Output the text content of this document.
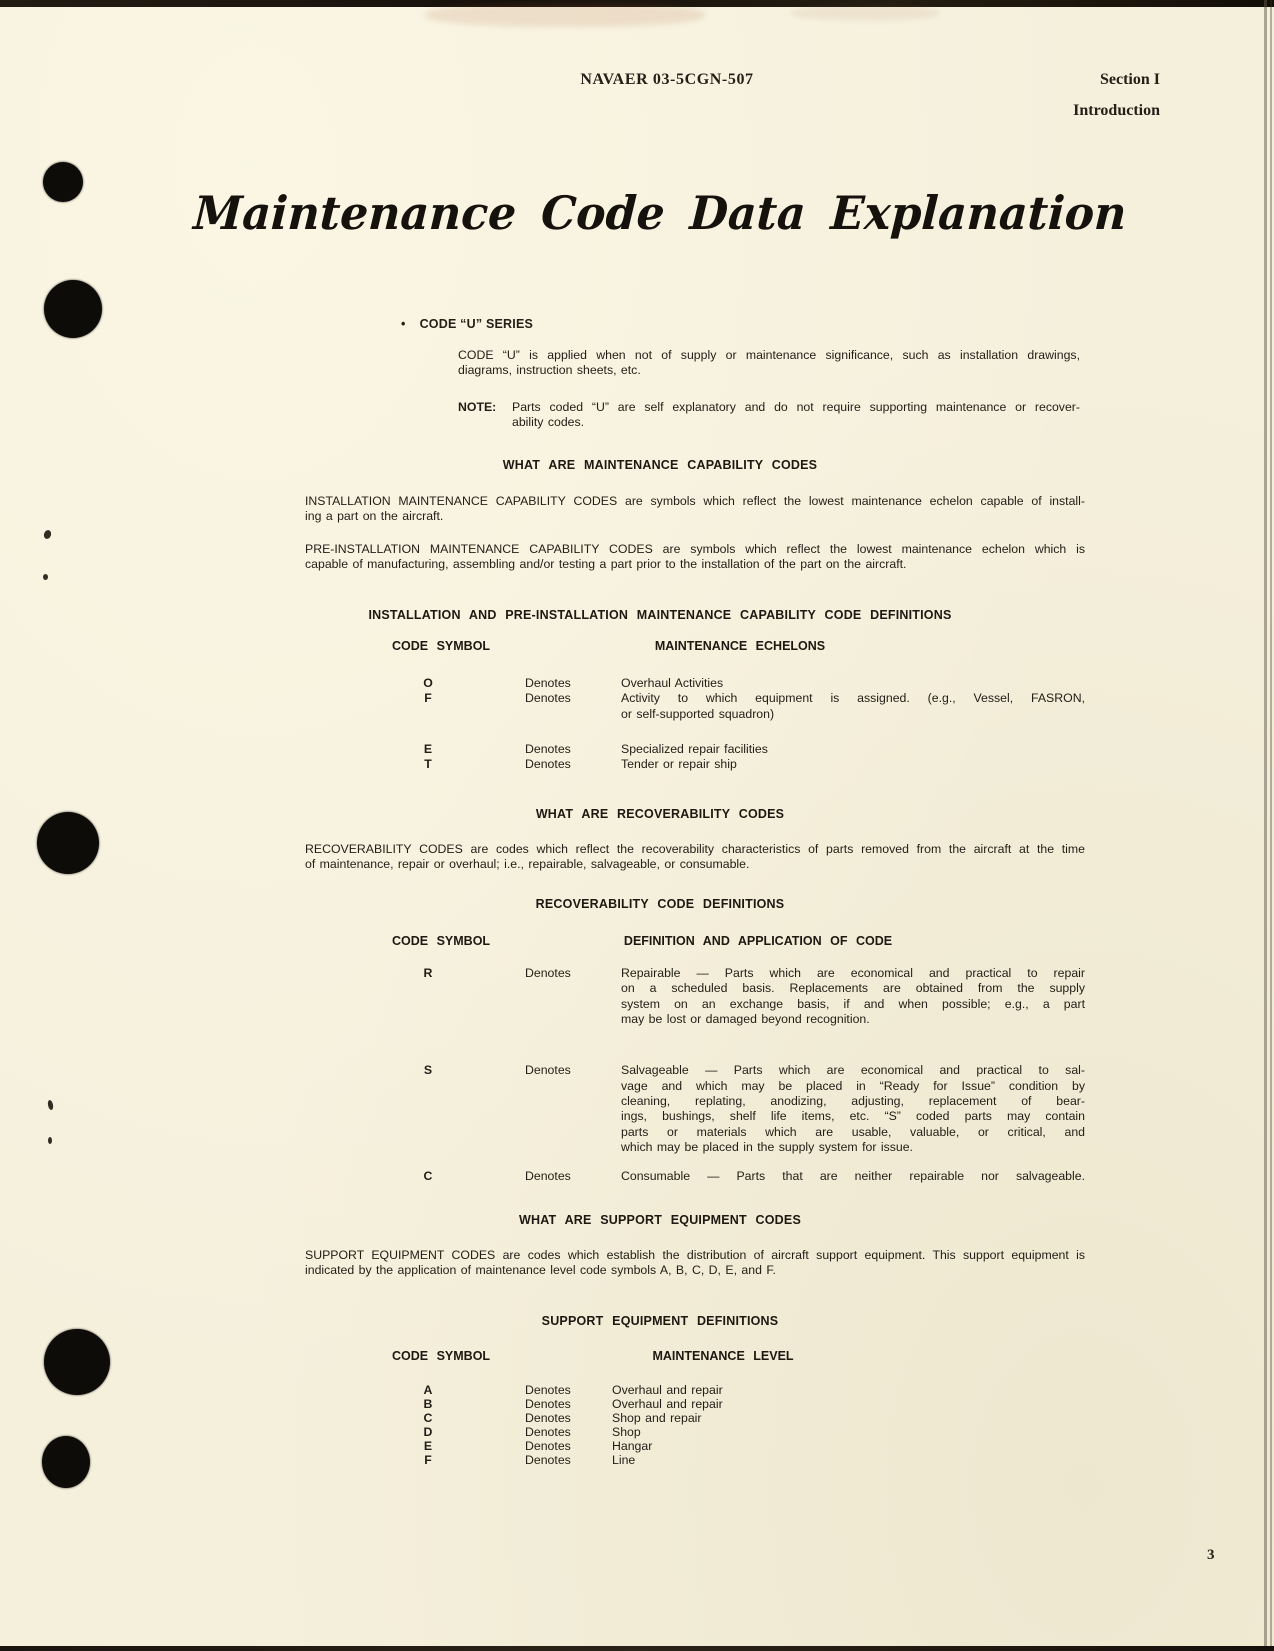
NAVAER 03-5CGN-507	Section I
Introduction
Maintenance Code Data Explanation
• CODE “U” SERIES
CODE “U” is applied when not of supply or maintenance significance, such as installation drawings,
diagrams, instruction sheets, etc.
NOTE: Parts coded “U” are self explanatory and do not require supporting maintenance or recover-
ability codes.
WHAT ARE MAINTENANCE CAPABILITY CODES
INSTALLATION MAINTENANCE CAPABILITY CODES are symbols which reflect the lowest maintenance echelon capable of install-
ing a part on the aircraft.
PRE-INSTALLATION MAINTENANCE CAPABILITY CODES are symbols which reflect the lowest maintenance echelon which is
capable of manufacturing, assembling and/or testing a part prior to the installation of the part on the aircraft.
INSTALLATION AND PRE-INSTALLATION MAINTENANCE CAPABILITY CODE DEFINITIONS
CODE SYMBOL	MAINTENANCE ECHELONS
O	Denotes	Overhaul Activities
F	Denotes	Activity to which equipment is assigned. (e.g., Vessel, FASRON,
or self-supported squadron)
E	Denotes	Specialized repair facilities
T	Denotes	Tender or repair ship
WHAT ARE RECOVERABILITY CODES
RECOVERABILITY CODES are codes which reflect the recoverability characteristics of parts removed from the aircraft at the time
of maintenance, repair or overhaul; i.e., repairable, salvageable, or consumable.
RECOVERABILITY CODE DEFINITIONS
CODE SYMBOL	DEFINITION AND APPLICATION OF CODE
R	Denotes	Repairable — Parts which are economical and practical to repair
on a scheduled basis. Replacements are obtained from the supply
system on an exchange basis, if and when possible; e.g., a part
may be lost or damaged beyond recognition.
S	Denotes	Salvageable — Parts which are economical and practical to sal-
vage and which may be placed in “Ready for Issue” condition by
cleaning, replating, anodizing, adjusting, replacement of bear-
ings, bushings, shelf life items, etc. “S” coded parts may contain
parts or materials which are usable, valuable, or critical, and
which may be placed in the supply system for issue.
C	Denotes	Consumable — Parts that are neither repairable nor salvageable.
WHAT ARE SUPPORT EQUIPMENT CODES
SUPPORT EQUIPMENT CODES are codes which establish the distribution of aircraft support equipment. This support equipment is
indicated by the application of maintenance level code symbols A, B, C, D, E, and F.
SUPPORT EQUIPMENT DEFINITIONS
CODE SYMBOL	MAINTENANCE LEVEL
A	Denotes	Overhaul and repair
B	Denotes	Overhaul and repair
C	Denotes	Shop and repair
D	Denotes	Shop
E	Denotes	Hangar
F	Denotes	Line
3
